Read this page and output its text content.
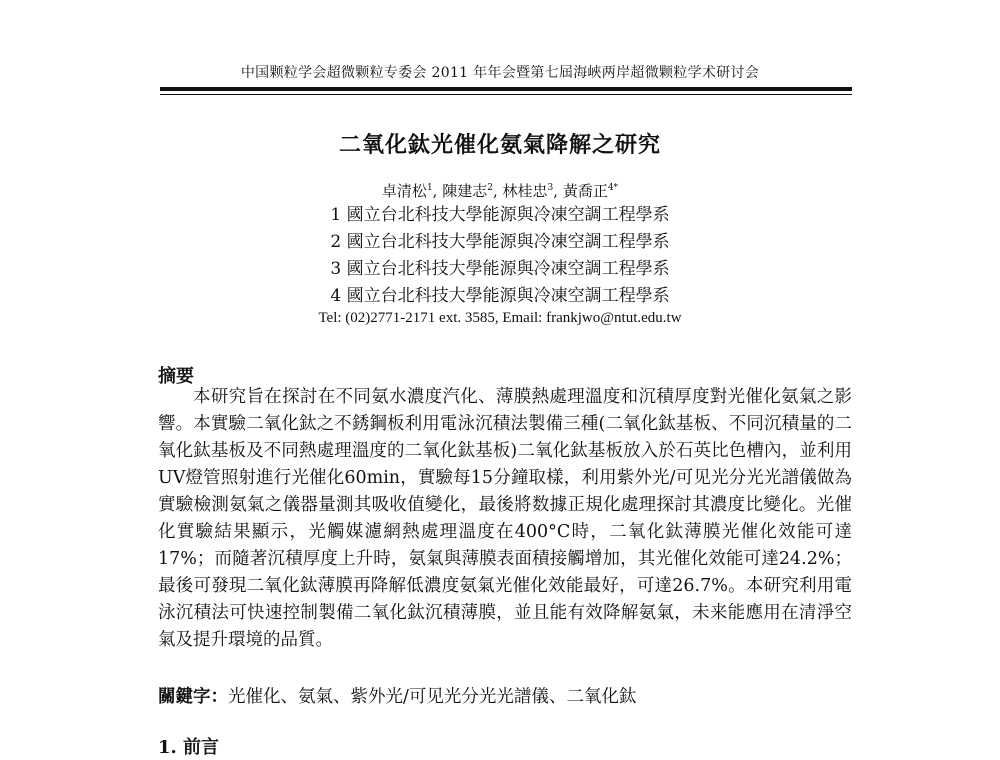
中国颗粒学会超微颗粒专委会 2011 年年会暨第七屆海峽两岸超微颗粒学术研讨会
二氧化鈦光催化氨氣降解之研究
卓清松$^1$, 陳建志$^2$, 林桂忠$^3$, 黃喬正$^{4*}$
1 國立台北科技大學能源與冷凍空調工程學系
2 國立台北科技大學能源與冷凍空調工程學系
3 國立台北科技大學能源與冷凍空調工程學系
4 國立台北科技大學能源與冷凍空調工程學系
Tel: (02)2771-2171 ext. 3585, Email: frankjwo@ntut.edu.tw
摘要

本研究旨在探討在不同氨水濃度汽化、薄膜熱處理溫度和沉積厚度對光催化氨氣之影響。本實驗二氧化鈦之不銹鋼板利用電泳沉積法製備三種(二氧化鈦基板、不同沉積量的二氧化鈦基板及不同熱處理溫度的二氧化鈦基板)二氧化鈦基板放入於石英比色槽內，並利用UV燈管照射進行光催化60min，實驗每15分鐘取樣，利用紫外光/可见光分光光譜儀做為實驗檢測氨氣之儀器量測其吸收值變化，最後將数據正規化處理探討其濃度比變化。光催化實驗結果顯示，光觸媒濾網熱處理溫度在400°C時，二氧化鈦薄膜光催化效能可達17%；而隨著沉積厚度上升時，氨氣與薄膜表面積接觸增加，其光催化效能可達24.2%；最後可發現二氧化鈦薄膜再降解低濃度氨氣光催化效能最好，可達26.7%。本研究利用電泳沉積法可快速控制製備二氧化鈦沉積薄膜，並且能有效降解氨氣，未来能應用在清淨空氣及提升環境的品質。

關鍵字：光催化、氨氣、紫外光/可见光分光光譜儀、二氧化鈦
1. 前言
